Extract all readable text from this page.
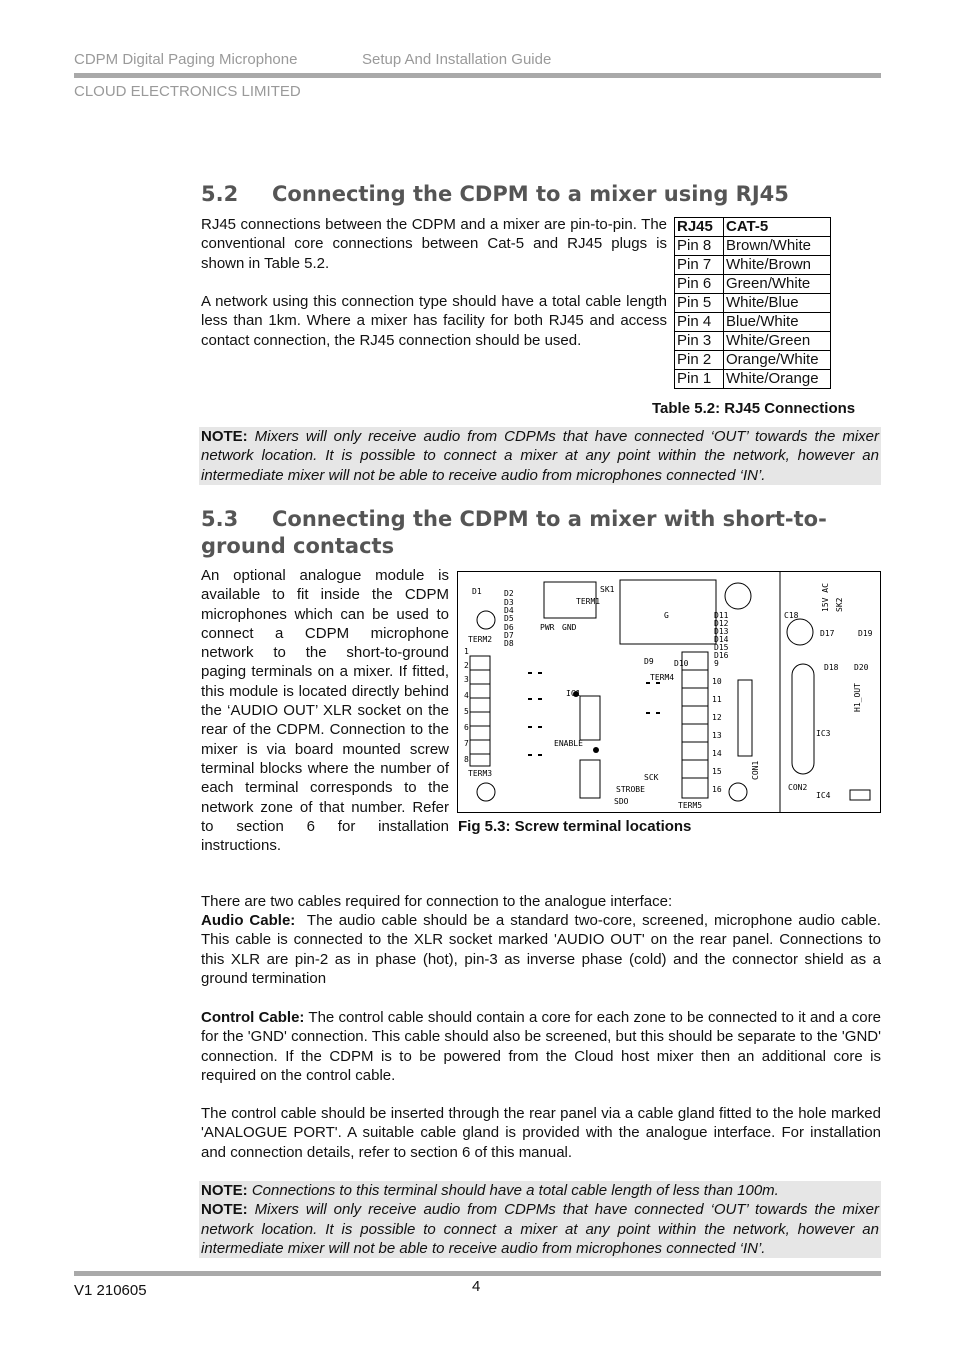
CDPM Digital Paging Microphone	Setup And Installation Guide
CLOUD ELECTRONICS LIMITED
5.2 Connecting the CDPM to a mixer using RJ45
RJ45 connections between the CDPM and a mixer are pin-to-pin. The conventional core connections between Cat-5 and RJ45 plugs is shown in Table 5.2.
A network using this connection type should have a total cable length less than 1km. Where a mixer has facility for both RJ45 and access contact connection, the RJ45 connection should be used.
RJ45	CAT-5
Pin 8	Brown/White
Pin 7	White/Brown
Pin 6	Green/White
Pin 5	White/Blue
Pin 4	Blue/White
Pin 3	White/Green
Pin 2	Orange/White
Pin 1	White/Orange
Table 5.2: RJ45 Connections
NOTE: Mixers will only receive audio from CDPMs that have connected ‘OUT’ towards the mixer network location. It is possible to connect a mixer at any point within the network, however an intermediate mixer will not be able to receive audio from microphones connected ‘IN’.
5.3 Connecting the CDPM to a mixer with short-to-
ground contacts
An optional analogue module is available to fit inside the CDPM microphones which can be used to connect a CDPM microphone network to the short-to-ground paging terminals on a mixer. If fitted, this module is located directly behind the ‘AUDIO OUT’ XLR socket on the rear of the CDPM. Connection to the mixer is via board mounted screw terminal blocks where the number of each terminal corresponds to the network zone of that number. Refer to section 6 for installation instructions.
D1	D2
D3
D4
D5
D6
D7
D8
TERM2
TERM1
TERM3
TERM4
TERM5
SK1
PWR GND
G
IC1
IC3
IC4
CON2
C18
D9	D10
D11
D12
D13
D14
D15
D16
D17
D18
D19
D20
ENABLE
STROBE
SDO
SCK
15V AC SK2
H1_OUT
CON1
1
2
3
4
5
6
7
8
9
10
11
12
13
14
15
16
Fig 5.3: Screw terminal locations
There are two cables required for connection to the analogue interface:
Audio Cable: The audio cable should be a standard two-core, screened, microphone audio cable. This cable is connected to the XLR socket marked 'AUDIO OUT' on the rear panel. Connections to this XLR are pin-2 as in phase (hot), pin-3 as inverse phase (cold) and the connector shield as a ground termination
Control Cable: The control cable should contain a core for each zone to be connected to it and a core for the 'GND' connection. This cable should also be screened, but this should be separate to the 'GND' connection. If the CDPM is to be powered from the Cloud host mixer then an additional core is required on the control cable.
The control cable should be inserted through the rear panel via a cable gland fitted to the hole marked 'ANALOGUE PORT'. A suitable cable gland is provided with the analogue interface. For installation and connection details, refer to section 6 of this manual.
NOTE: Connections to this terminal should have a total cable length of less than 100m.
NOTE: Mixers will only receive audio from CDPMs that have connected ‘OUT’ towards the mixer network location. It is possible to connect a mixer at any point within the network, however an intermediate mixer will not be able to receive audio from microphones connected ‘IN’.
V1 210605	4
